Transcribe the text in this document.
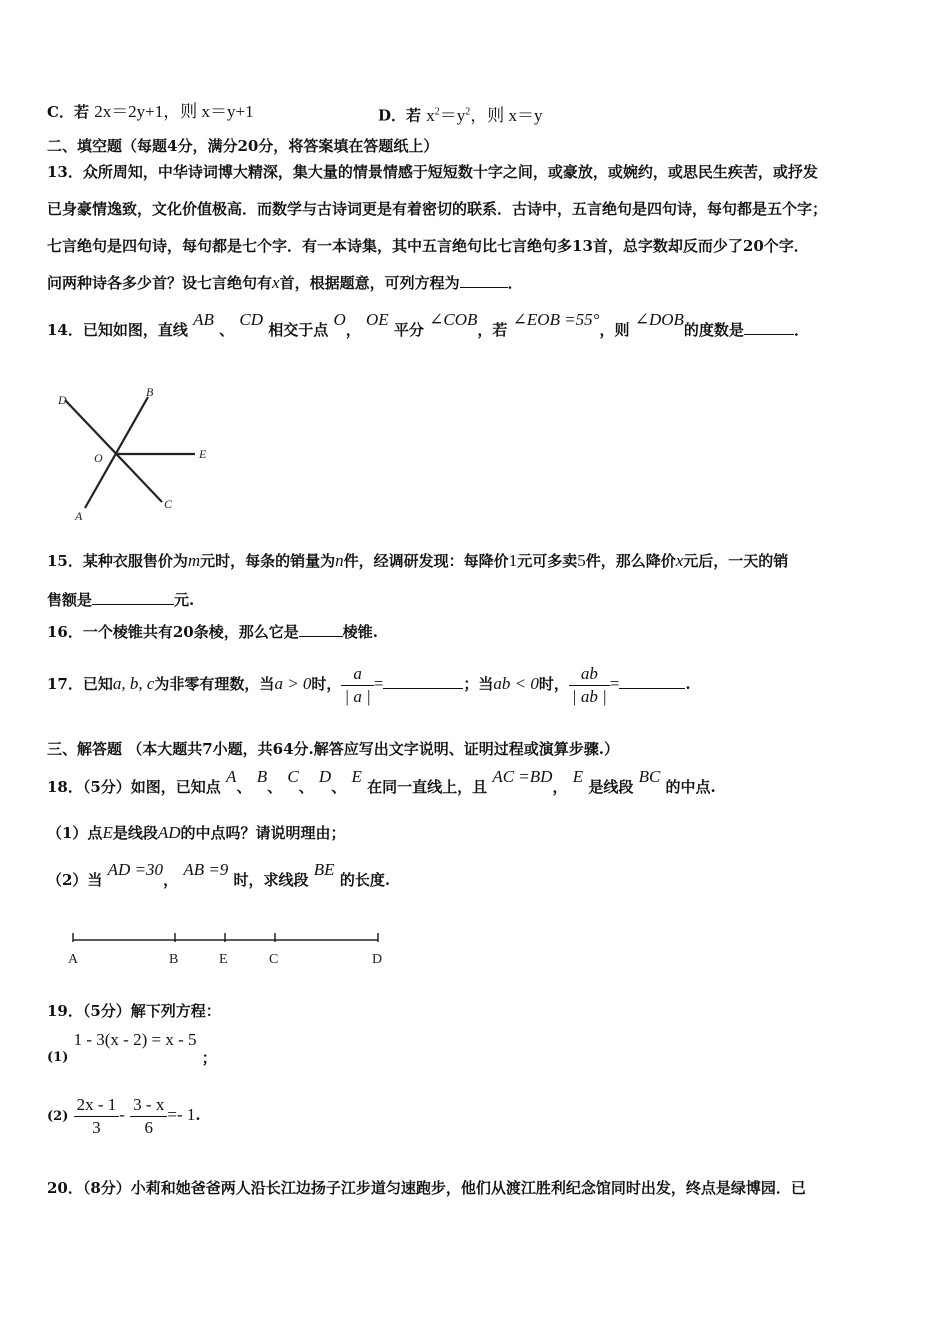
C．若 2x＝2y+1，则 x＝y+1	D．若 $x^2=y^2$，则 x＝y
二、填空题（每题4分，满分20分，将答案填在答题纸上）
13．众所周知，中华诗词博大精深，集大量的情景情感于短短数十字之间，或豪放，或婉约，或思民生疾苦，或抒发
已身豪情逸致，文化价值极高．而数学与古诗词更是有着密切的联系．古诗中，五言绝句是四句诗，每句都是五个字；
七言绝句是四句诗，每句都是七个字．有一本诗集，其中五言绝句比七言绝句多13首，总字数却反而少了20个字．
问两种诗各多少首？设七言绝句有x首，根据题意，可列方程为	．
14．已知如图，直线 AB 、 CD 相交于点 O， OE 平分 ∠COB，若 ∠EOB =55°，则 ∠DOB的度数是	．
D
B
O	E
A
C
15．某种衣服售价为m元时，每条的销量为n件，经调研发现：每降价1元可多卖5件，那么降价x元后，一天的销
售额是	元.
16．一个棱锥共有20条棱，那么它是	棱锥.
17．已知a, b, c为非零有理数，当a > 0时， $\frac{a}{| a |}$ =	；当ab < 0时， $\frac{ab}{| ab |}$ =	.
三、解答题 （本大题共7小题，共64分.解答应写出文字说明、证明过程或演算步骤.）
18．（5分）如图，已知点 A、 B、 C、 D、 E 在同一直线上，且 AC =BD， E 是线段 BC 的中点.
（1）点E是线段AD的中点吗？请说明理由；
（2）当 AD =30， AB =9 时，求线段 BE 的长度.
A	B	E	C	D
19．（5分）解下列方程：
(1) 1 - 3(x - 2) = x - 5 ；
$(2) \frac{2x - 1}{3} - \frac{3 - x}{6} =- 1$.
20．（8分）小莉和她爸爸两人沿长江边扬子江步道匀速跑步，他们从渡江胜利纪念馆同时出发，终点是绿博园．已
